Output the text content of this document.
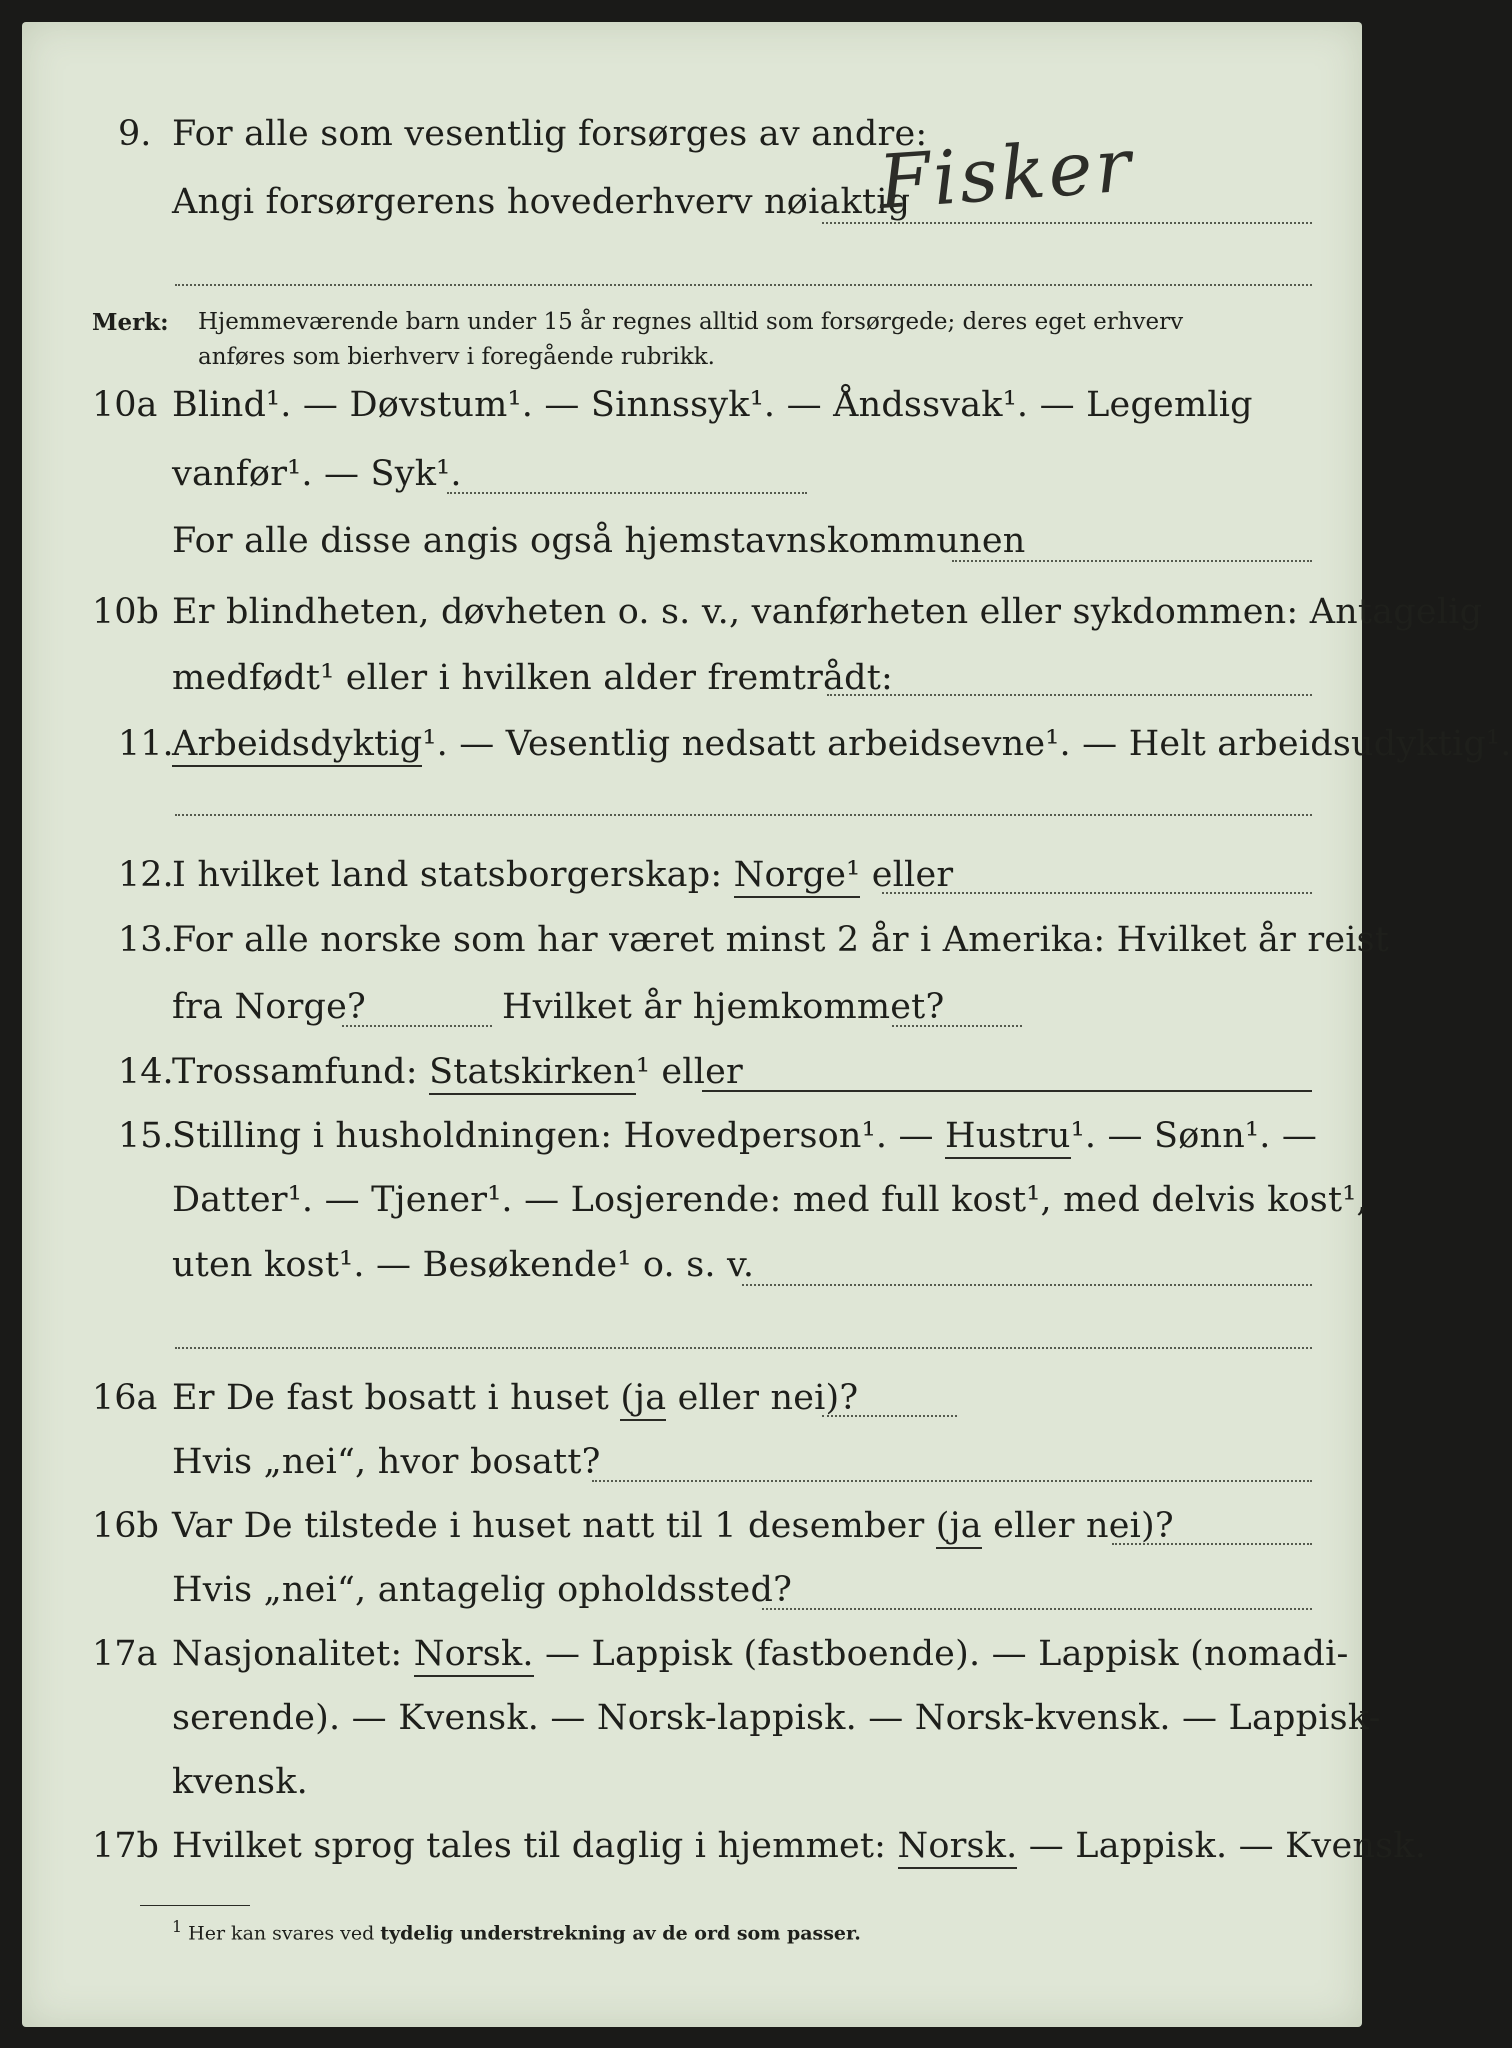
9. For alle som vesentlig forsørges av andre:
Angi forsørgerens hovederhverv nøiaktig
Fisker
Merk: Hjemmeværende barn under 15 år regnes alltid som forsørgede; deres eget erhverv
anføres som bierhverv i foregående rubrikk.
10a Blind¹. — Døvstum¹. — Sinnssyk¹. — Åndssvak¹. — Legemlig
vanfør¹. — Syk¹.
For alle disse angis også hjemstavnskommunen
10b Er blindheten, døvheten o. s. v., vanførheten eller sykdommen: Antagelig
medfødt¹ eller i hvilken alder fremtrådt:
11.
Arbeidsdyktig¹. — Vesentlig nedsatt arbeidsevne¹. — Helt arbeidsudyktig¹.
12.
I hvilket land statsborgerskap: Norge¹ eller
13.
For alle norske som har været minst 2 år i Amerika: Hvilket år reist
fra Norge?	Hvilket år hjemkommet?
14.
Trossamfund: Statskirken¹ eller
15.
Stilling i husholdningen: Hovedperson¹. — Hustru¹. — Sønn¹. —
Datter¹. — Tjener¹. — Losjerende: med full kost¹, med delvis kost¹,
uten kost¹. — Besøkende¹ o. s. v.
16a Er De fast bosatt i huset (ja eller nei)?
Hvis „nei“, hvor bosatt?
16b Var De tilstede i huset natt til 1 desember (ja eller nei)?
Hvis „nei“, antagelig opholdssted?
17a Nasjonalitet: Norsk. — Lappisk (fastboende). — Lappisk (nomadi-
serende). — Kvensk. — Norsk-lappisk. — Norsk-kvensk. — Lappisk-
kvensk.
17b Hvilket sprog tales til daglig i hjemmet: Norsk. — Lappisk. — Kvensk.
$^1$ Her kan svares ved tydelig understrekning av de ord som passer.
